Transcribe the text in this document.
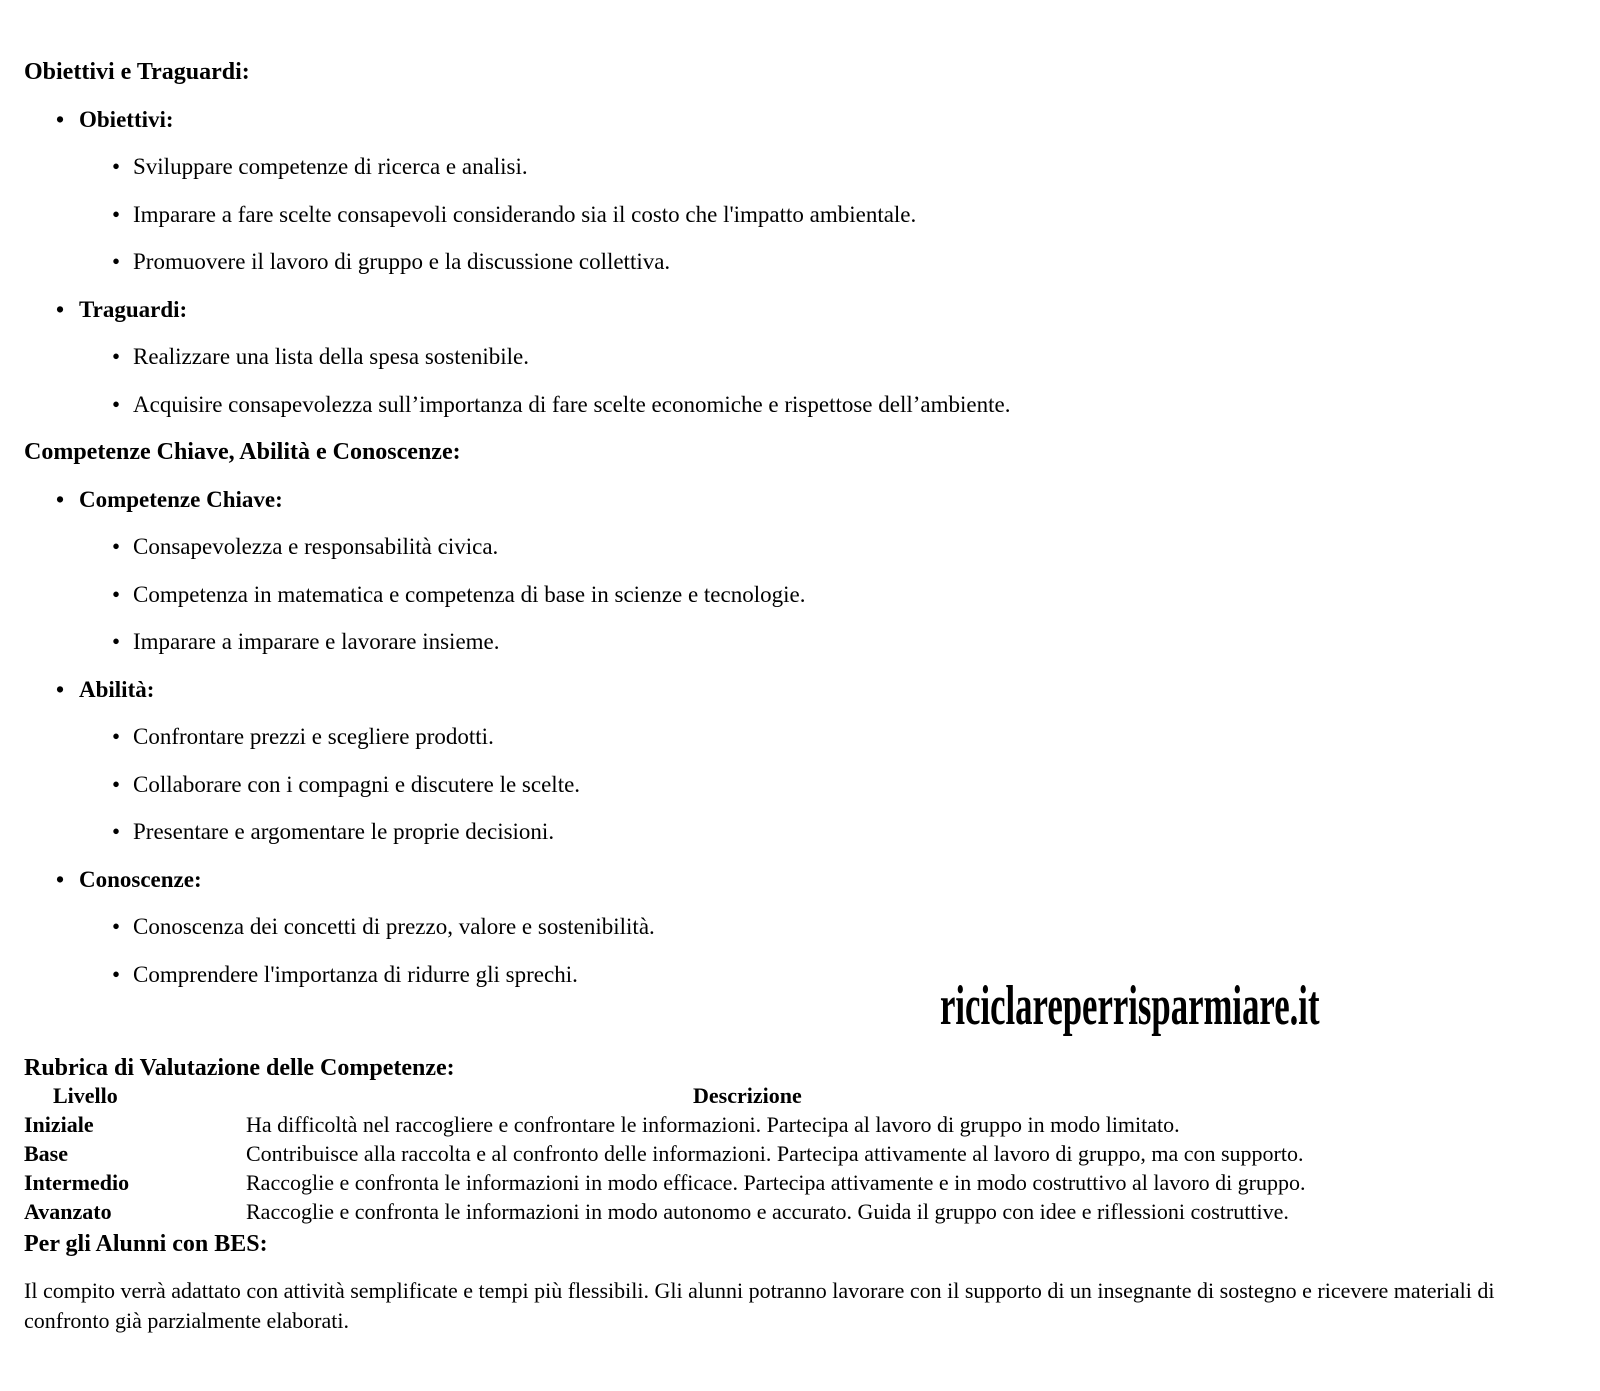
Obiettivi e Traguardi:
•
Obiettivi:
•
Sviluppare competenze di ricerca e analisi.
•
Imparare a fare scelte consapevoli considerando sia il costo che l'impatto ambientale.
•
Promuovere il lavoro di gruppo e la discussione collettiva.
•
Traguardi:
•
Realizzare una lista della spesa sostenibile.
•
Acquisire consapevolezza sull’importanza di fare scelte economiche e rispettose dell’ambiente.
Competenze Chiave, Abilità e Conoscenze:
•
Competenze Chiave:
•
Consapevolezza e responsabilità civica.
•
Competenza in matematica e competenza di base in scienze e tecnologie.
•
Imparare a imparare e lavorare insieme.
•
Abilità:
•
Confrontare prezzi e scegliere prodotti.
•
Collaborare con i compagni e discutere le scelte.
•
Presentare e argomentare le proprie decisioni.
•
Conoscenze:
•
Conoscenza dei concetti di prezzo, valore e sostenibilità.
•
Comprendere l'importanza di ridurre gli sprechi.
Rubrica di Valutazione delle Competenze:
Livello	Descrizione
Iniziale	Ha difficoltà nel raccogliere e confrontare le informazioni. Partecipa al lavoro di gruppo in modo limitato.
Base	Contribuisce alla raccolta e al confronto delle informazioni. Partecipa attivamente al lavoro di gruppo, ma con supporto.
Intermedio	Raccoglie e confronta le informazioni in modo efficace. Partecipa attivamente e in modo costruttivo al lavoro di gruppo.
Avanzato	Raccoglie e confronta le informazioni in modo autonomo e accurato. Guida il gruppo con idee e riflessioni costruttive.
Per gli Alunni con BES:

Il compito verrà adattato con attività semplificate e tempi più flessibili. Gli alunni potranno lavorare con il supporto di un insegnante di sostegno e ricevere materiali di confronto già parzialmente elaborati.

riciclareperrisparmiare.it
